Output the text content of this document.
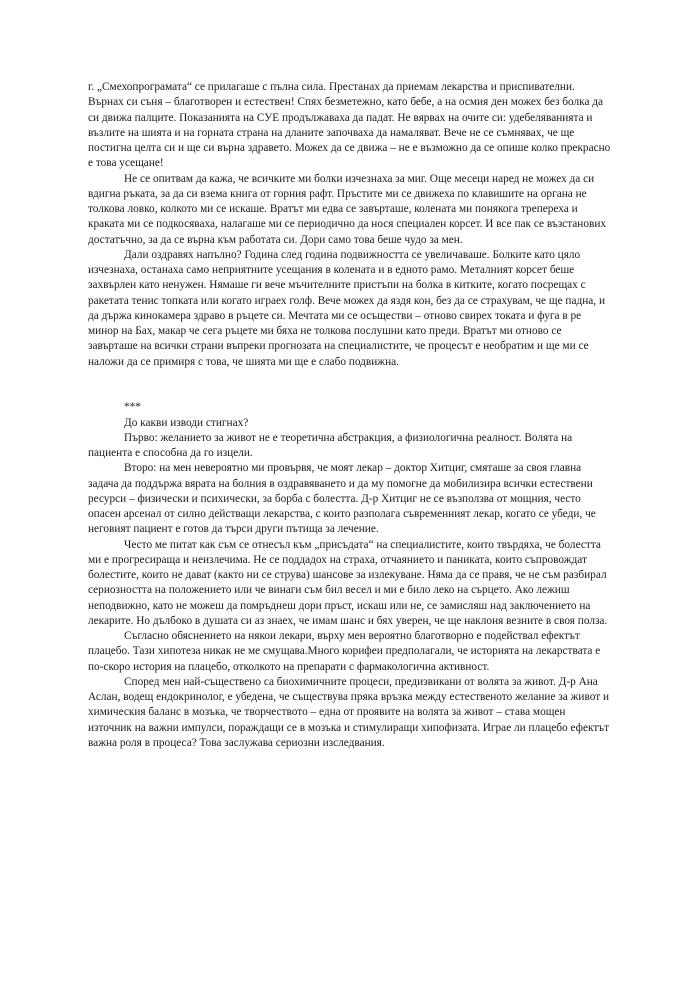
г. „Смехопрограмата“ се прилагаше с пълна сила. Престанах да приемам лекарства и приспивателни. Върнах си съня – благотворен и естествен! Спях безметежно, като бебе, а на осмия ден можех без болка да си движа палците. Показанията на СУЕ продължаваха да падат. Не вярвах на очите си: удебеляванията и възлите на шията и на горната страна на дланите започваха да намаляват. Вече не се съмнявах, че ще постигна целта си и ще си върна здравето. Можех да се движа – не е възможно да се опише колко прекрасно е това усещане!

Не се опитвам да кажа, че всичките ми болки изчезнаха за миг. Още месеци наред не можех да си вдигна ръката, за да си взема книга от горния рафт. Пръстите ми се движеха по клавишите на органа не толкова ловко, колкото ми се искаше. Вратът ми едва се завърташе, колената ми понякога трепереха и краката ми се подкосяваха, налагаше ми се периодично да нося специален корсет. И все пак се възстанових достатъчно, за да се върна към работата си. Дори само това беше чудо за мен.

Дали оздравях напълно? Година след година подвижността се увеличаваше. Болките като цяло изчезнаха, останаха само неприятните усещания в колената и в едното рамо. Металният корсет беше захвърлен като ненужен. Нямаше ги вече мъчителните пристъпи на болка в китките, когато посрещах с ракетата тенис топката или когато играех голф. Вече можех да яздя кон, без да се страхувам, че ще падна, и да държа кинокамера здраво в ръцете си. Мечтата ми се осъществи – отново свирех токата и фуга в ре минор на Бах, макар че сега ръцете ми бяха не толкова послушни като преди. Вратът ми отново се завърташе на всички страни въпреки прогнозата на специалистите, че процесът е необратим и ще ми се наложи да се примиря с това, че шията ми ще е слабо подвижна.

***

До какви изводи стигнах?

Първо: желанието за живот не е теоретична абстракция, а физиологична реалност. Волята на пациента е способна да го изцели.

Второ: на мен невероятно ми провървя, че моят лекар – доктор Хитциг, смяташе за своя главна задача да поддържа вярата на болния в оздравяването и да му помогне да мобилизира всички естествени ресурси – физически и психически, за борба с болестта. Д-р Хитциг не се възползва от мощния, често опасен арсенал от силно действащи лекарства, с които разполага съвременният лекар, когато се убеди, че неговият пациент е готов да търси други пътища за лечение.

Често ме питат как съм се отнесъл към „присъдата“ на специалистите, които твърдяха, че болестта ми е прогресираща и неизлечима. Не се поддадох на страха, отчаянието и паниката, които съпровождат болестите, които не дават (както ни се струва) шансове за излекуване. Няма да се правя, че не съм разбирал сериозността на положението или че винаги съм бил весел и ми е било леко на сърцето. Ако лежиш неподвижно, като не можеш да помръднеш дори пръст, искаш или не, се замисляш над заключението на лекарите. Но дълбоко в душата си аз знаех, че имам шанс и бях уверен, че ще наклоня везните в своя полза.

Съгласно обяснението на някои лекари, върху мен вероятно благотворно е подействал ефектът плацебо. Тази хипотеза никак не ме смущава.Много корифеи предполагали, че историята на лекарствата е по-скоро история на плацебо, отколкото на препарати с фармакологична активност.

Според мен най-съществено са биохимичните процеси, предизвикани от волята за живот. Д-р Ана Аслан, водещ ендокринолог, е убедена, че съществува пряка връзка между естественото желание за живот и химическия баланс в мозъка, че творчеството – една от проявите на волята за живот – става мощен източник на важни импулси, пораждащи се в мозъка и стимулиращи хипофизата. Играе ли плацебо ефектът важна роля в процеса? Това заслужава сериозни изследвания.
